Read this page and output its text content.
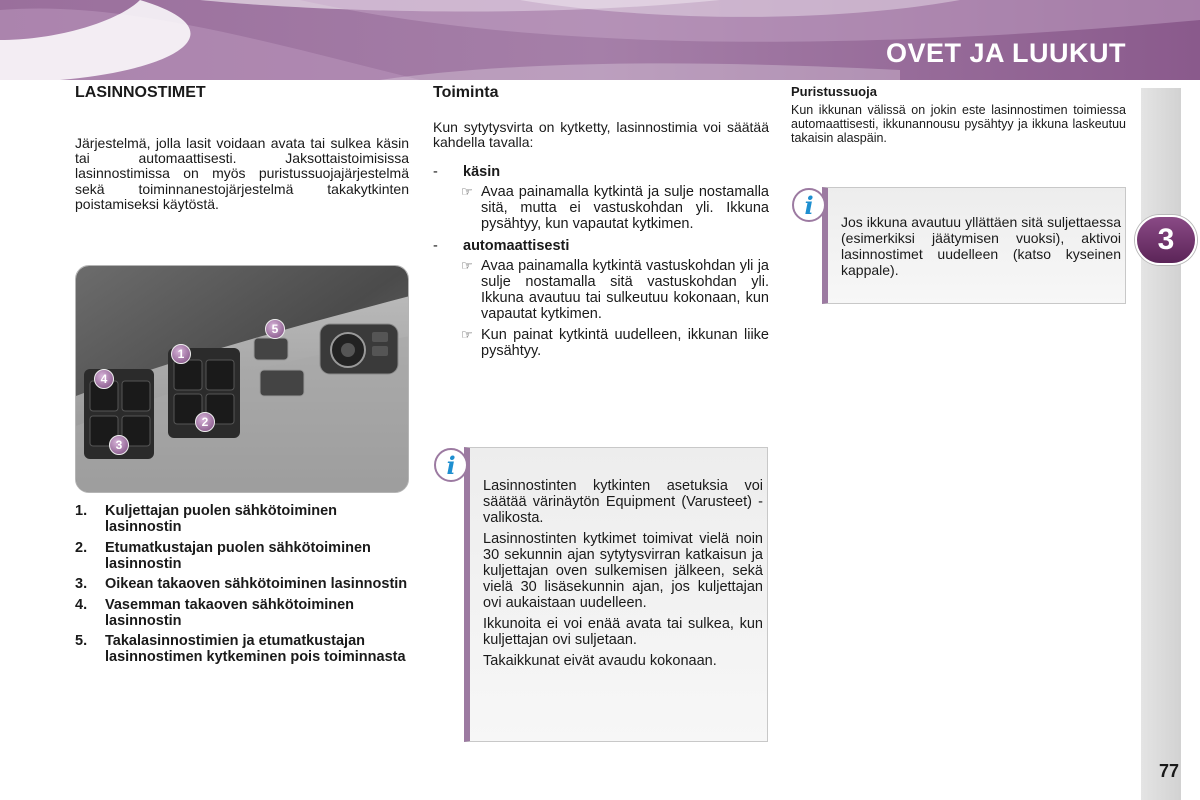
OVET JA LUUKUT
3
77
LASINNOSTIMET

Järjestelmä, jolla lasit voidaan avata tai sulkea käsin tai automaattisesti. Jaksottaistoimisissa lasinnostimissa on myös puristussuojajärjestelmä sekä toiminnanestojärjestelmä takakytkinten poistamiseksi käytöstä.

1
2
3
4
5
1.	Kuljettajan puolen sähkötoiminen lasinnostin
2.	Etumatkustajan puolen sähkötoiminen lasinnostin
3.	Oikean takaoven sähkötoiminen lasinnostin
4.	Vasemman takaoven sähkötoiminen lasinnostin
5.	Takalasinnostimien ja etumatkustajan lasinnostimen kytkeminen pois toiminnasta
Toiminta

Kun sytytysvirta on kytketty, lasinnostimia voi säätää kahdella tavalla:

-	käsin
☞ Avaa painamalla kytkintä ja sulje nostamalla sitä, mutta ei vastuskohdan yli. Ikkuna pysähtyy, kun vapautat kytkimen.

-	automaattisesti
☞ Avaa painamalla kytkintä vastuskohdan yli ja sulje nostamalla sitä vastuskohdan yli. Ikkuna avautuu tai sulkeutuu kokonaan, kun vapautat kytkimen.

☞ Kun painat kytkintä uudelleen, ikkunan liike pysähtyy.

i

Lasinnostinten kytkinten asetuksia voi säätää värinäytön Equipment (Varusteet) - valikosta.

Lasinnostinten kytkimet toimivat vielä noin 30 sekunnin ajan sytytysvirran katkaisun ja kuljettajan oven sulkemisen jälkeen, sekä vielä 30 lisäsekunnin ajan, jos kuljettajan ovi aukaistaan uudelleen.

Ikkunoita ei voi enää avata tai sulkea, kun kuljettajan ovi suljetaan.

Takaikkunat eivät avaudu kokonaan.

Puristussuoja

Kun ikkunan välissä on jokin este lasinnostimen toimiessa automaattisesti, ikkunannousu pysähtyy ja ikkuna laskeutuu takaisin alaspäin.

i

Jos ikkuna avautuu yllättäen sitä suljettaessa (esimerkiksi jäätymisen vuoksi), aktivoi lasinnostimet uudelleen (katso kyseinen kappale).
